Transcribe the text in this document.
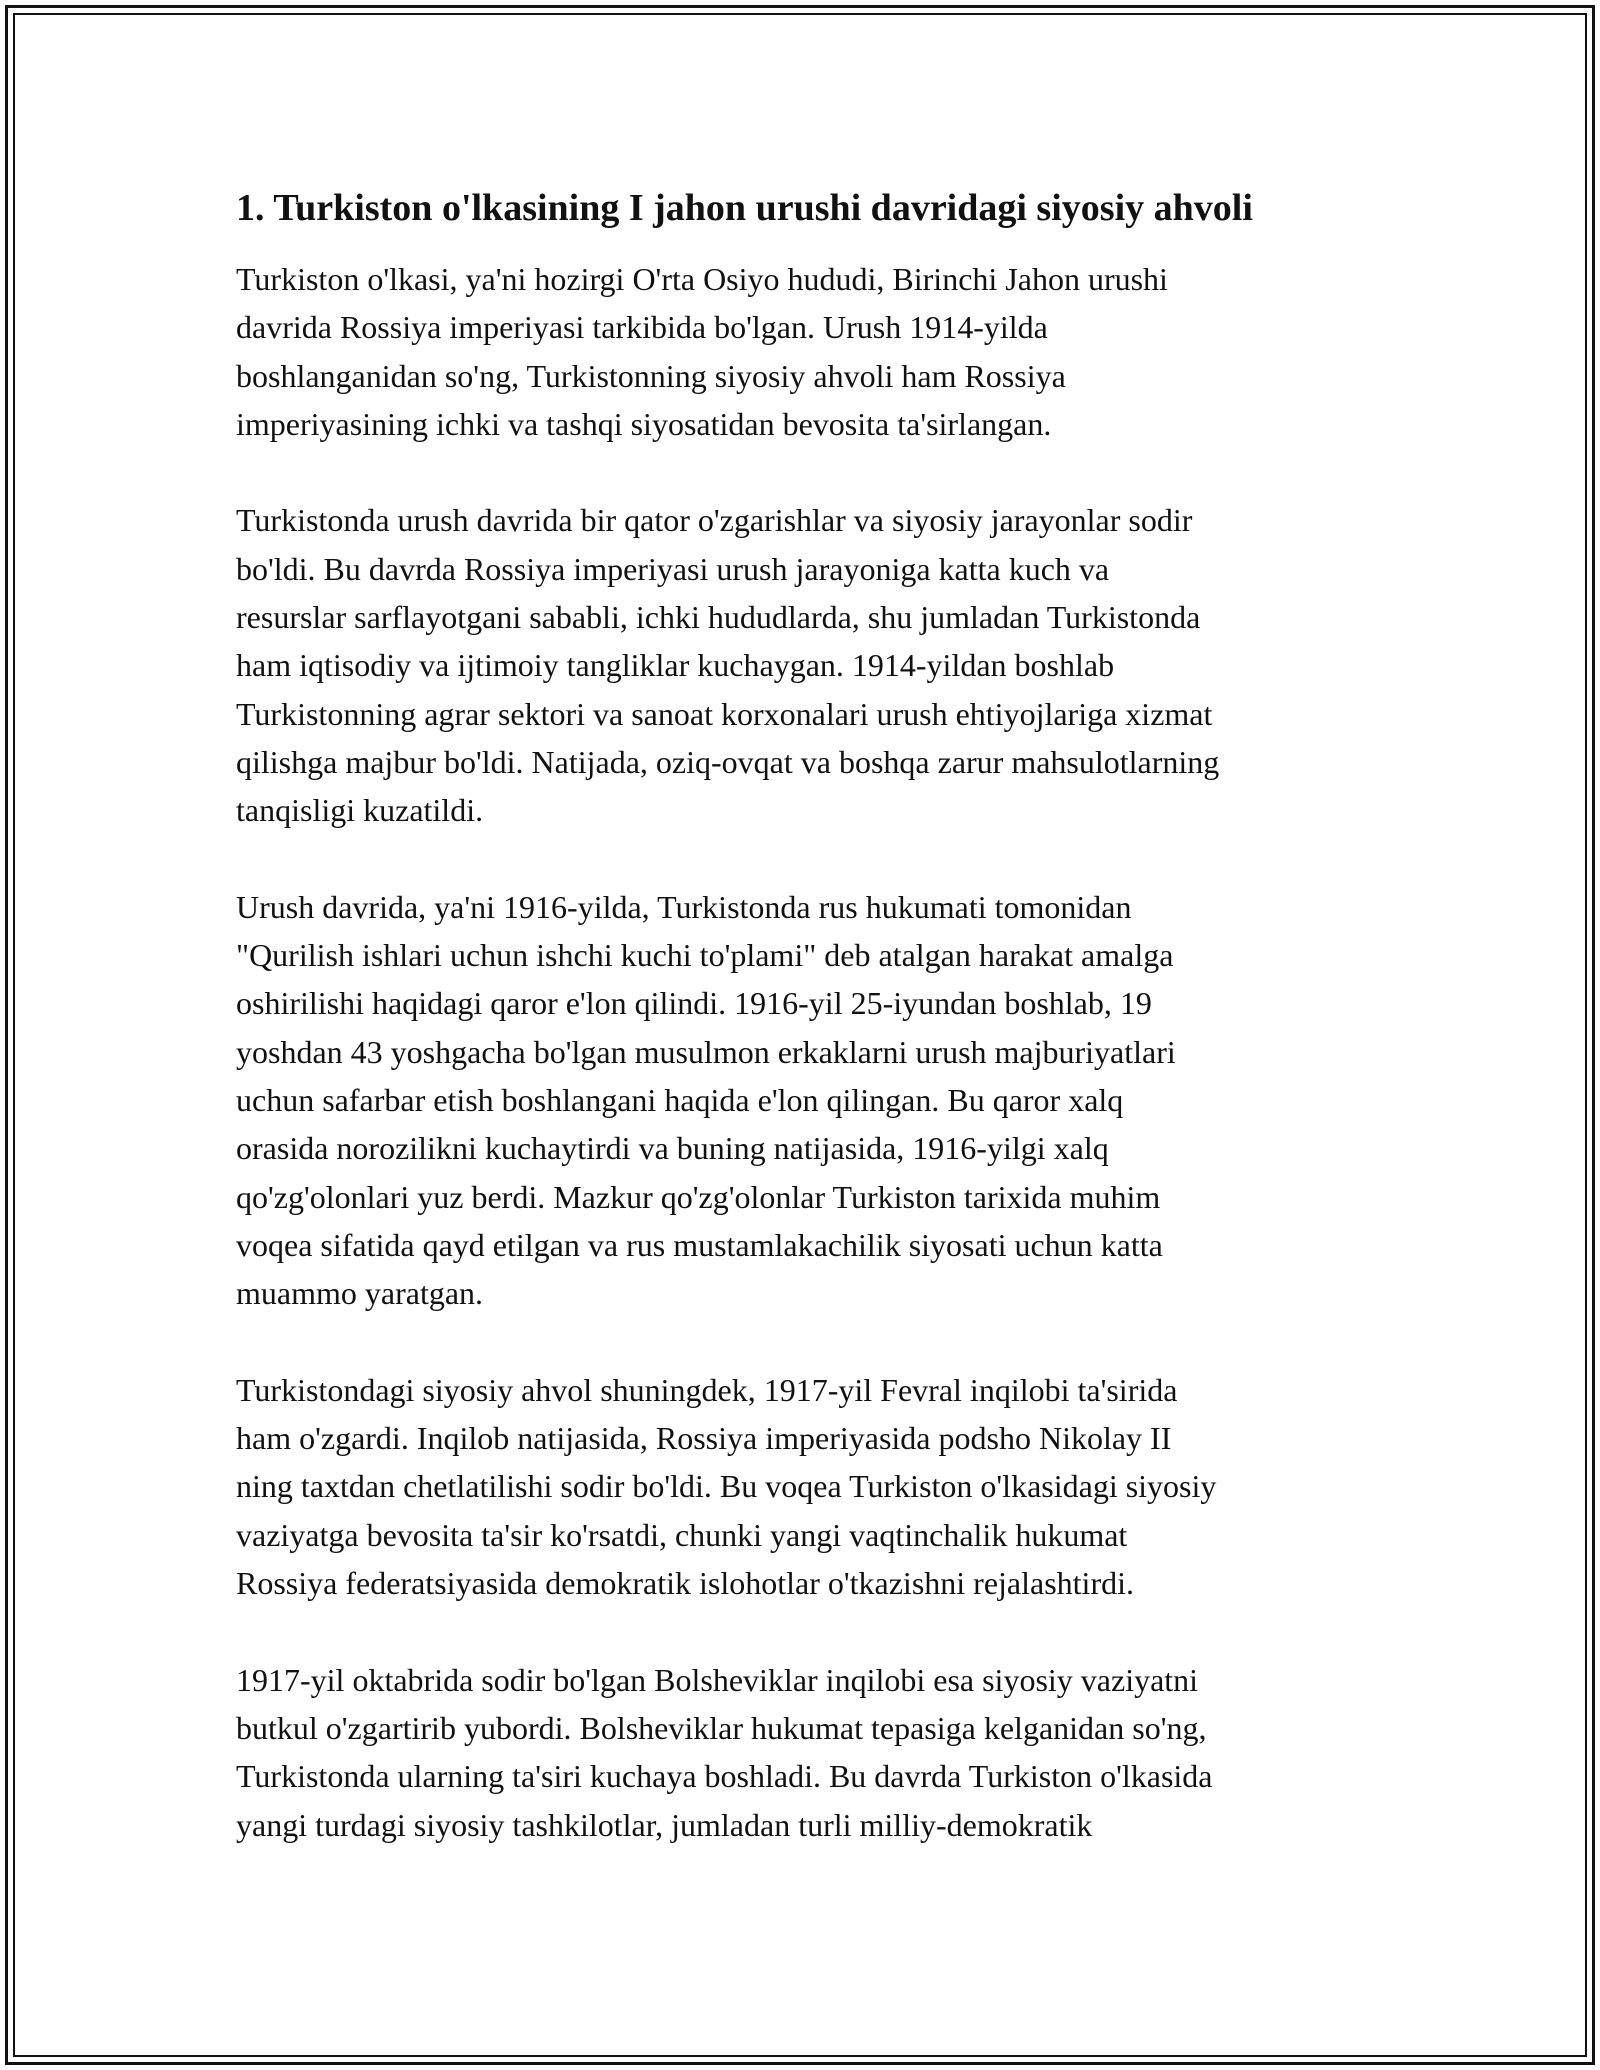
1. Turkiston o'lkasining I jahon urushi davridagi siyosiy ahvoli

Turkiston o'lkasi, ya'ni hozirgi O'rta Osiyo hududi, Birinchi Jahon urushi
davrida Rossiya imperiyasi tarkibida bo'lgan. Urush 1914-yilda
boshlanganidan so'ng, Turkistonning siyosiy ahvoli ham Rossiya
imperiyasining ichki va tashqi siyosatidan bevosita ta'sirlangan.

Turkistonda urush davrida bir qator o'zgarishlar va siyosiy jarayonlar sodir
bo'ldi. Bu davrda Rossiya imperiyasi urush jarayoniga katta kuch va
resurslar sarflayotgani sababli, ichki hududlarda, shu jumladan Turkistonda
ham iqtisodiy va ijtimoiy tangliklar kuchaygan. 1914-yildan boshlab
Turkistonning agrar sektori va sanoat korxonalari urush ehtiyojlariga xizmat
qilishga majbur bo'ldi. Natijada, oziq-ovqat va boshqa zarur mahsulotlarning
tanqisligi kuzatildi.

Urush davrida, ya'ni 1916-yilda, Turkistonda rus hukumati tomonidan
"Qurilish ishlari uchun ishchi kuchi to'plami" deb atalgan harakat amalga
oshirilishi haqidagi qaror e'lon qilindi. 1916-yil 25-iyundan boshlab, 19
yoshdan 43 yoshgacha bo'lgan musulmon erkaklarni urush majburiyatlari
uchun safarbar etish boshlangani haqida e'lon qilingan. Bu qaror xalq
orasida norozilikni kuchaytirdi va buning natijasida, 1916-yilgi xalq
qo'zg'olonlari yuz berdi. Mazkur qo'zg'olonlar Turkiston tarixida muhim
voqea sifatida qayd etilgan va rus mustamlakachilik siyosati uchun katta
muammo yaratgan.

Turkistondagi siyosiy ahvol shuningdek, 1917-yil Fevral inqilobi ta'sirida
ham o'zgardi. Inqilob natijasida, Rossiya imperiyasida podsho Nikolay II
ning taxtdan chetlatilishi sodir bo'ldi. Bu voqea Turkiston o'lkasidagi siyosiy
vaziyatga bevosita ta'sir ko'rsatdi, chunki yangi vaqtinchalik hukumat
Rossiya federatsiyasida demokratik islohotlar o'tkazishni rejalashtirdi.

1917-yil oktabrida sodir bo'lgan Bolsheviklar inqilobi esa siyosiy vaziyatni
butkul o'zgartirib yubordi. Bolsheviklar hukumat tepasiga kelganidan so'ng,
Turkistonda ularning ta'siri kuchaya boshladi. Bu davrda Turkiston o'lkasida
yangi turdagi siyosiy tashkilotlar, jumladan turli milliy-demokratik
